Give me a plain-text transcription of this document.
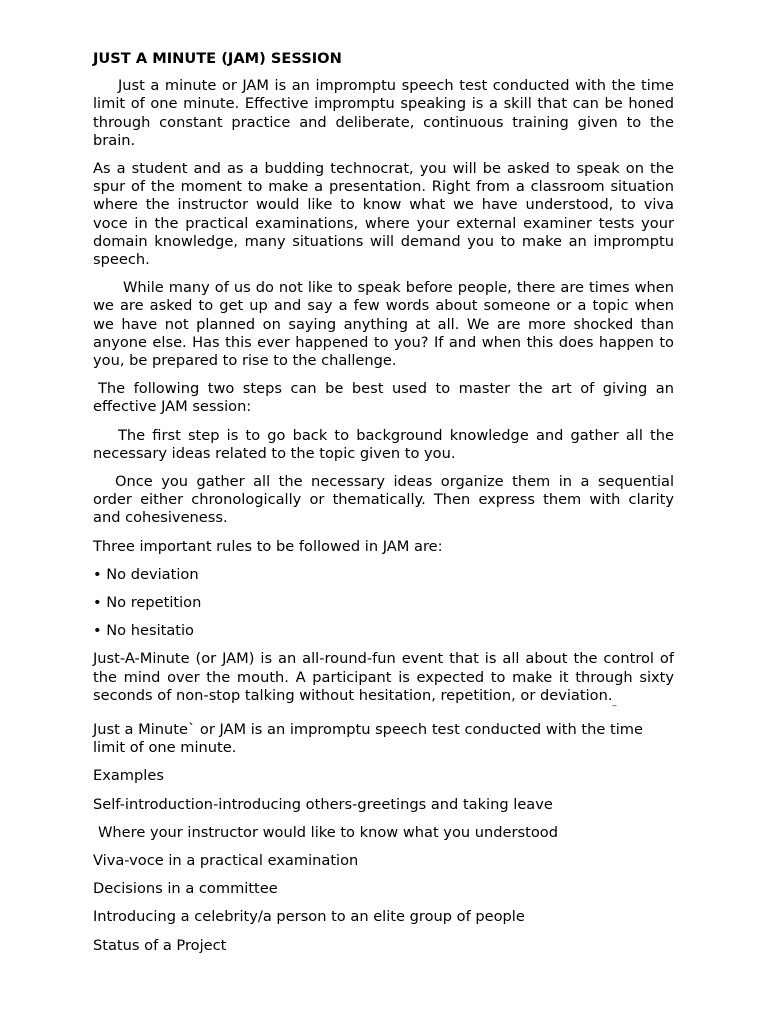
JUST A MINUTE (JAM) SESSION

Just a minute or JAM is an impromptu speech test conducted with the time limit of one minute. Effective impromptu speaking is a skill that can be honed through constant practice and deliberate, continuous training given to the brain.

As a student and as a budding technocrat, you will be asked to speak on the spur of the moment to make a presentation. Right from a classroom situation where the instructor would like to know what we have understood, to viva voce in the practical examinations, where your external examiner tests your domain knowledge, many situations will demand you to make an impromptu speech.

While many of us do not like to speak before people, there are times when we are asked to get up and say a few words about someone or a topic when we have not planned on saying anything at all. We are more shocked than anyone else. Has this ever happened to you? If and when this does happen to you, be prepared to rise to the challenge.

The following two steps can be best used to master the art of giving an effective JAM session:

The first step is to go back to background knowledge and gather all the necessary ideas related to the topic given to you.

Once you gather all the necessary ideas organize them in a sequential order either chronologically or thematically. Then express them with clarity and cohesiveness.

Three important rules to be followed in JAM are:

• No deviation
• No repetition
• No hesitatio

Just-A-Minute (or JAM) is an all-round-fun event that is all about the control of the mind over the mouth. A participant is expected to make it through sixty seconds of non-stop talking without hesitation, repetition, or $deviation._{\_}$

Just a Minute` or JAM is an impromptu speech test conducted with the time limit of one minute.

Examples

Self-introduction-introducing others-greetings and taking leave

Where your instructor would like to know what you understood

Viva-voce in a practical examination

Decisions in a committee

Introducing a celebrity/a person to an elite group of people

Status of a Project
